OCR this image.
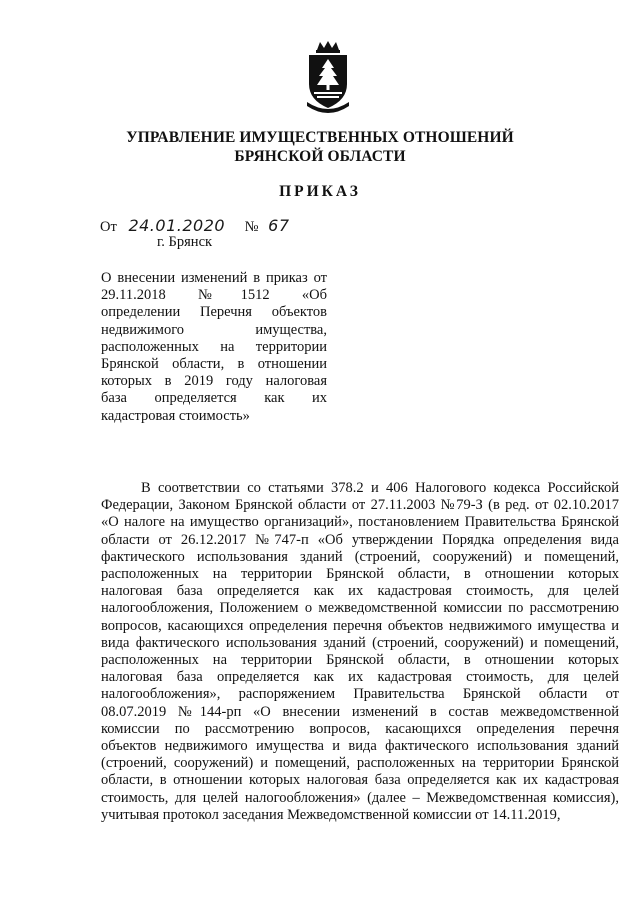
УПРАВЛЕНИЕ ИМУЩЕСТВЕННЫХ ОТНОШЕНИЙ
БРЯНСКОЙ ОБЛАСТИ
ПРИКАЗ
От 24.01.2020 № 67
г. Брянск
О внесении изменений в приказ от
29.11.2018 №1512 «Об
определении Перечня объектов
недвижимого имущества,
расположенных на территории
Брянской области, в отношении
которых в 2019 году налоговая
база определяется как их
кадастровая стоимость»
В соответствии со статьями 378.2 и 406 Налогового кодекса Российской
Федерации, Законом Брянской области от 27.11.2003 №79-З (в ред. от 02.10.2017
«О налоге на имущество организаций», постановлением Правительства Брянской
области от 26.12.2017 №747-п «Об утверждении Порядка определения вида
фактического использования зданий (строений, сооружений) и помещений,
расположенных на территории Брянской области, в отношении которых
налоговая база определяется как их кадастровая стоимость, для целей
налогообложения, Положением о межведомственной комиссии по рассмотрению
вопросов, касающихся определения перечня объектов недвижимого имущества и
вида фактического использования зданий (строений, сооружений) и помещений,
расположенных на территории Брянской области, в отношении которых
налоговая база определяется как их кадастровая стоимость, для целей
налогообложения», распоряжением Правительства Брянской области от
08.07.2019 №144-рп «О внесении изменений в состав межведомственной
комиссии по рассмотрению вопросов, касающихся определения перечня
объектов недвижимого имущества и вида фактического использования зданий
(строений, сооружений) и помещений, расположенных на территории Брянской
области, в отношении которых налоговая база определяется как их кадастровая
стоимость, для целей налогообложения» (далее – Межведомственная комиссия),
учитывая протокол заседания Межведомственной комиссии от 14.11.2019,
